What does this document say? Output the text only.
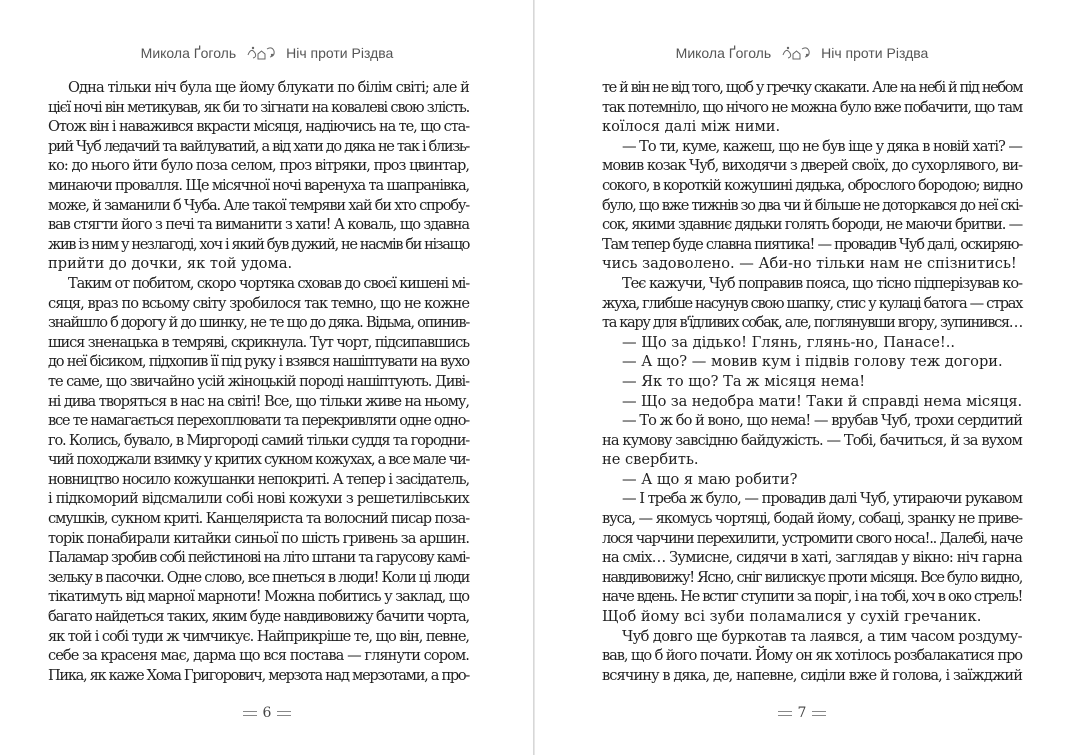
Микола Ґоголь	Ніч проти Різдва
Одна тільки ніч була ще йому блукати по білім світі; але й
цієї ночі він метикував, як би то зігнати на ковалеві свою злість.
Отож він і наважився вкрасти місяця, надіючись на те, що ста-
рий Чуб ледачий та вайлуватий, а від хати до дяка не так і близь-
ко: до нього йти було поза селом, проз вітряки, проз цвинтар,
минаючи провалля. Ще місячної ночі варенуха та шапранівка,
може, й заманили б Чуба. Але такої темряви хай би хто спробу-
вав стягти його з печі та виманити з хати! А коваль, що здавна
жив із ним у незлагоді, хоч і який був дужий, не насмів би нізащо
прийти до дочки, як той удома.
Таким от побитом, скоро чортяка сховав до своєї кишені мі-
сяця, враз по всьому світу зробилося так темно, що не кожне
знайшло б дорогу й до шинку, не те що до дяка. Відьма, опинив-
шися зненацька в темряві, скрикнула. Тут чорт, підсипавшись
до неї бісиком, підхопив її під руку і взявся нашіптувати на вухо
те саме, що звичайно усій жіноцькій породі нашіптують. Диві-
ні дива творяться в нас на світі! Все, що тільки живе на ньому,
все те намагається перехоплювати та перекривляти одне одно-
го. Колись, бувало, в Миргороді самий тільки суддя та городни-
чий походжали взимку у критих сукном кожухах, а все мале чи-
новництво носило кожушанки непокриті. А тепер і засідатель,
і підкоморий відсмалили собі нові кожухи з решетилівських
смушків, сукном криті. Канцеляриста та волосний писар поза-
торік понабирали китайки синьої по шість гривень за аршин.
Паламар зробив собі пейстинові на літо штани та гарусову камі-
зельку в пасочки. Одне слово, все пнеться в люди! Коли ці люди
тікатимуть від марної марноти! Можна побитись у заклад, що
багато найдеться таких, яким буде навдивовижу бачити чорта,
як той і собі туди ж чимчикує. Найприкріше те, що він, певне,
себе за красеня має, дарма що вся постава — глянути сором.
Пика, як каже Хома Григорович, мерзота над мерзотами, а про-
6
Микола Ґоголь	Ніч проти Різдва
те й він не від того, щоб у гречку скакати. Але на небі й під небом
так потемніло, що нічого не можна було вже побачити, що там
коїлося далі між ними.
— То ти, куме, кажеш, що не був іще у дяка в новій хаті? —
мовив козак Чуб, виходячи з дверей своїх, до сухорлявого, ви-
сокого, в короткій кожушині дядька, оброслого бородою; видно
було, що вже тижнів зо два чи й більше не доторкався до неї скі-
сок, якими здавниє дядьки голять бороди, не маючи бритви. —
Там тепер буде славна пиятика! — провадив Чуб далі, оскиряю-
чись задоволено. — Аби-но тільки нам не спізнитись!
Теє кажучи, Чуб поправив пояса, що тісно підперізував ко-
жуха, глибше насунув свою шапку, стис у кулаці батога — страх
та кару для в'їдливих собак, але, поглянувши вгору, зупинився…
— Що за дідько! Глянь, глянь-но, Панасе!..
— А що? — мовив кум і підвів голову теж догори.
— Як то що? Та ж місяця нема!
— Що за недобра мати! Таки й справді нема місяця.
— То ж бо й воно, що нема! — врубав Чуб, трохи сердитий
на кумову завсідню байдужість. — Тобі, бачиться, й за вухом
не свербить.
— А що я маю робити?
— І треба ж було, — провадив далі Чуб, утираючи рукавом
вуса, — якомусь чортяці, бодай йому, собаці, зранку не приве-
лося чарчини перехилити, устромити свого носа!.. Далебі, наче
на сміх… Зумисне, сидячи в хаті, заглядав у вікно: ніч гарна
навдивовижу! Ясно, сніг вилискує проти місяця. Все було видно,
наче вдень. Не встиг ступити за поріг, і на тобі, хоч в око стрель!
Щоб йому всі зуби поламалися у сухій гречаник.
Чуб довго ще буркотав та лаявся, а тим часом роздуму-
вав, що б його почати. Йому он як хотілось розбалакатися про
всячину в дяка, де, напевне, сиділи вже й голова, і заїжджий
7
